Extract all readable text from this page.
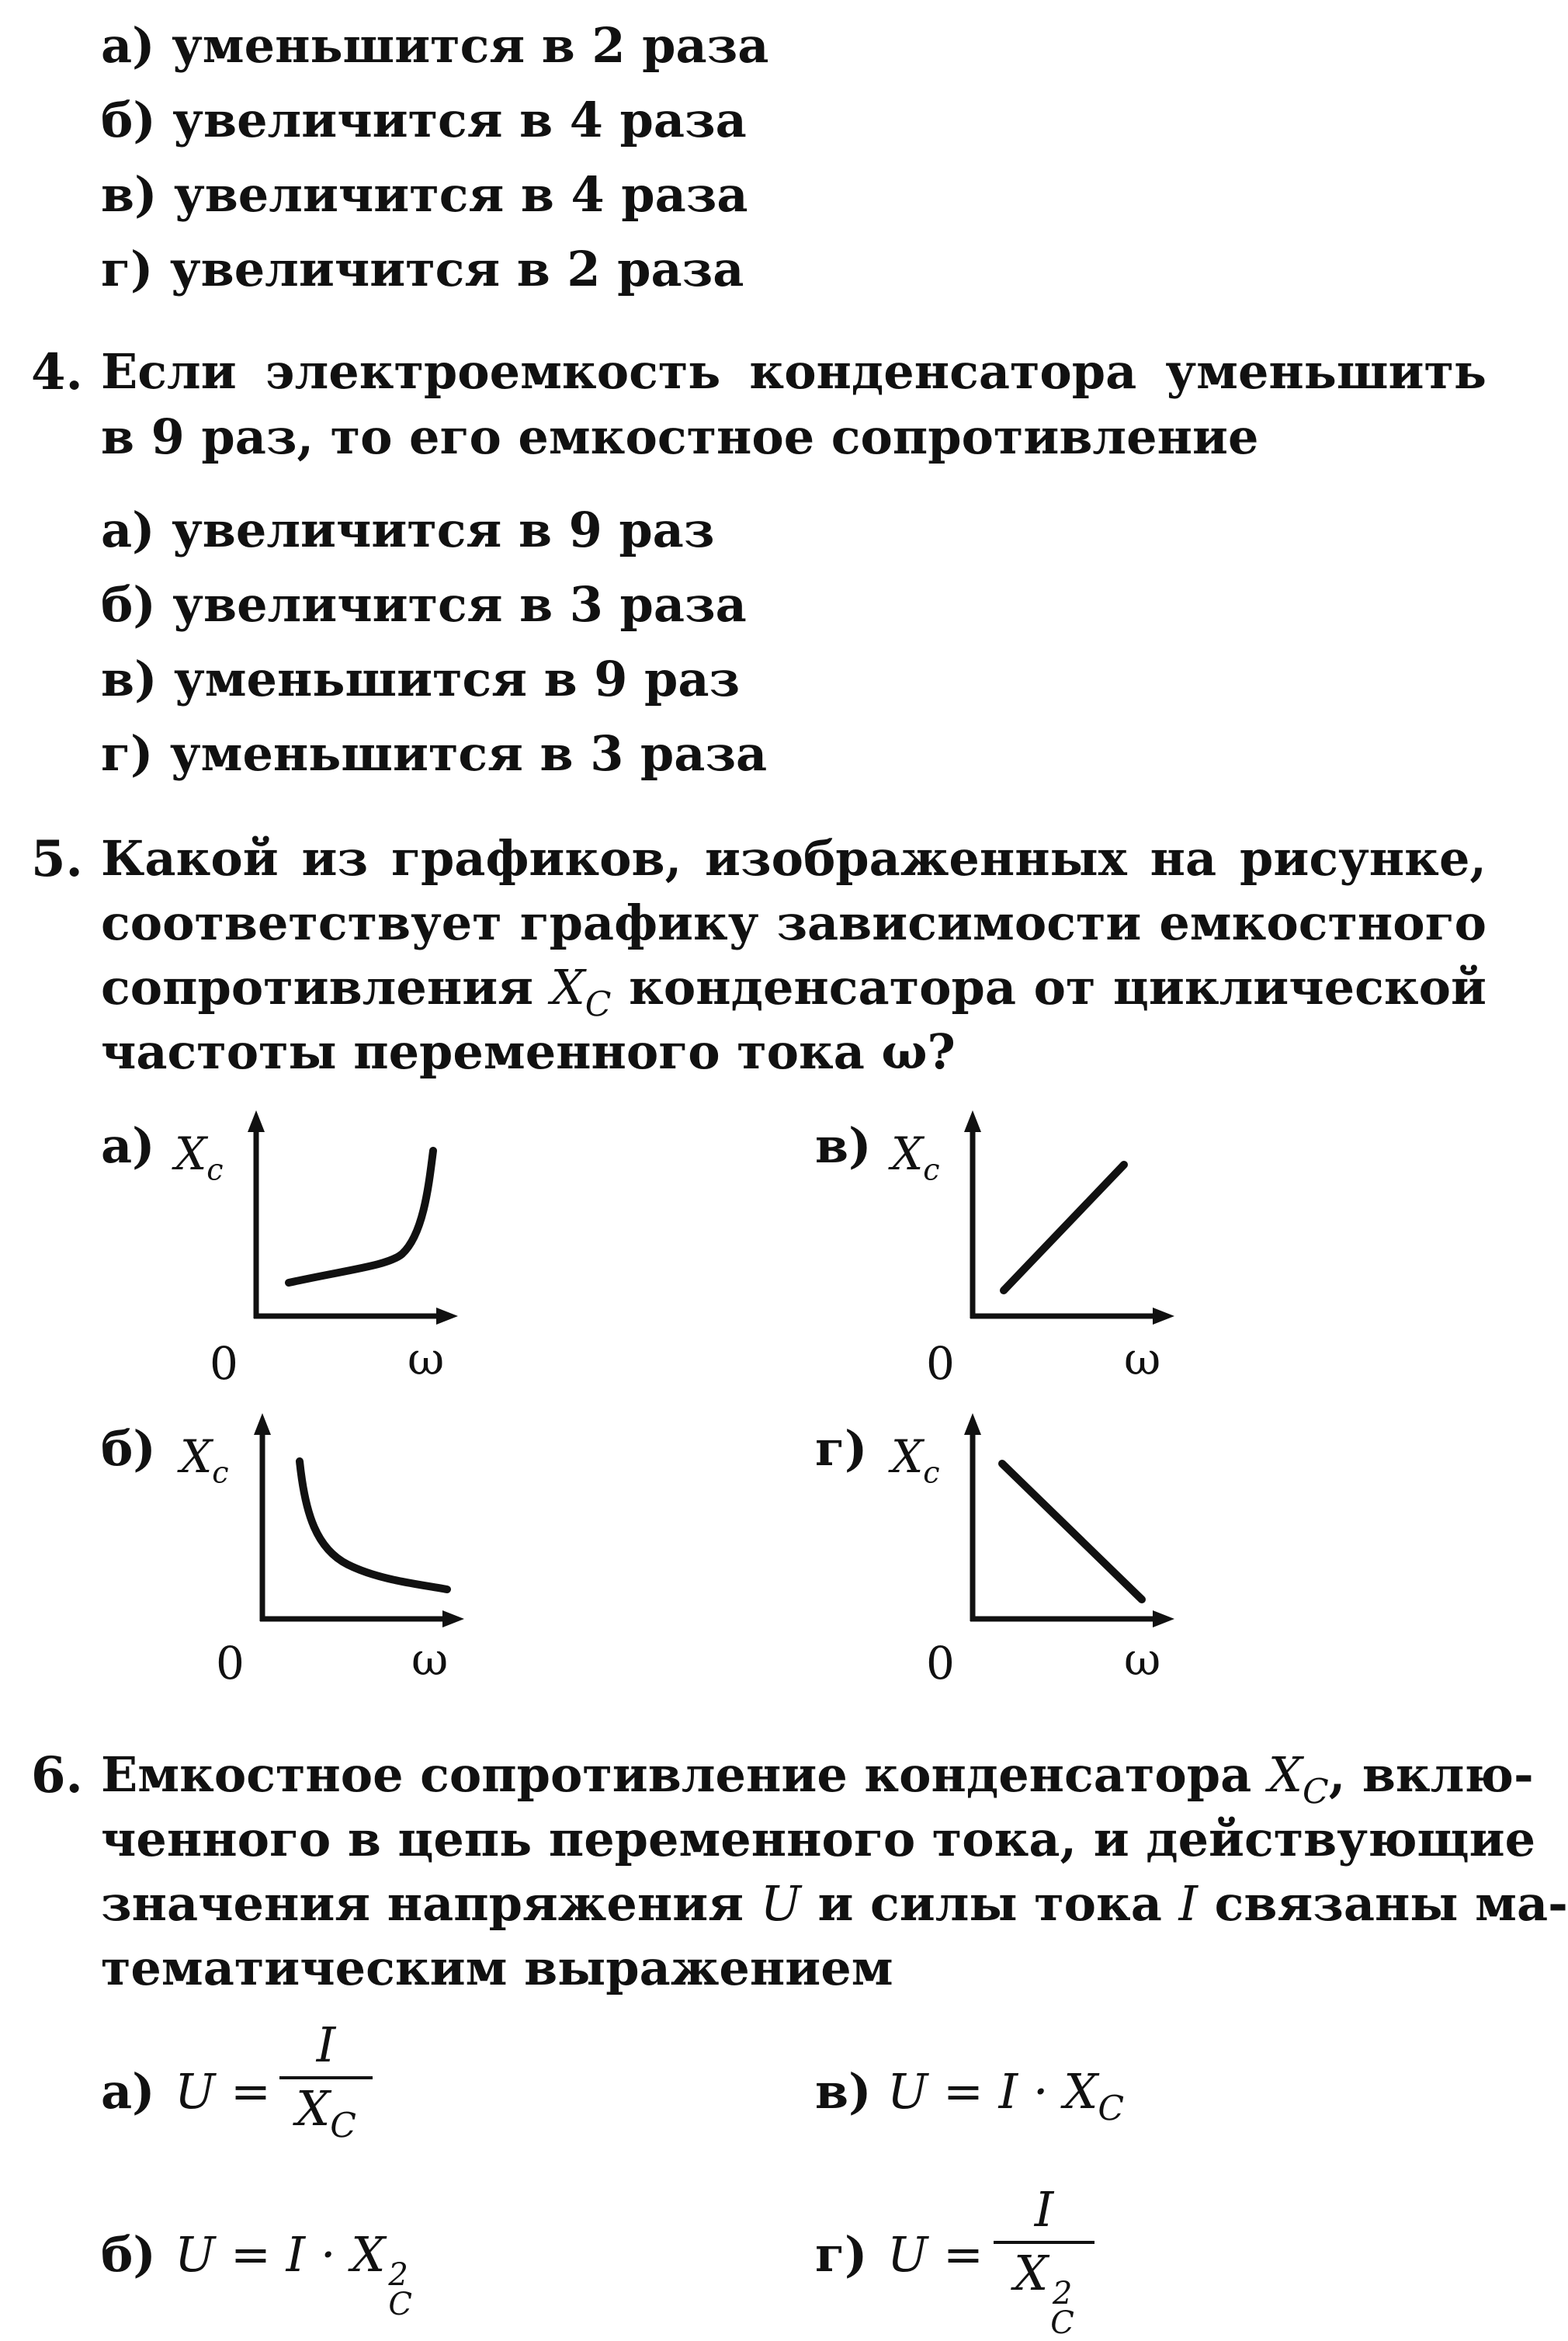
а) уменьшится в 2 раза
б) увеличится в 4 раза
в) увеличится в 4 раза
г) увеличится в 2 раза
4. Если электроемкость конденсатора уменьшить
в 9 раз, то его емкостное сопротивление
а) увеличится в 9 раз
б) увеличится в 3 раза
в) уменьшится в 9 раз
г) уменьшится в 3 раза
5. Какой из графиков, изображенных на рисунке,
соответствует графику зависимости емкостного
сопротивления $X_C$ конденсатора от циклической
частоты переменного тока ω?
а) $X_c$
0	ω
в) $X_c$
0	ω
б) $X_c$
0	ω
г) $X_c$
0	ω
6. Емкостное сопротивление конденсатора $X_C$, вклю-
ченного в цепь переменного тока, и действующие
значения напряжения U и силы тока I связаны ма-
тематическим выражением
а) U =
I
$X_C$
в) $U = I \cdot X_C$
б) U = I · X 2
C
г) U =
I
X 2
C
